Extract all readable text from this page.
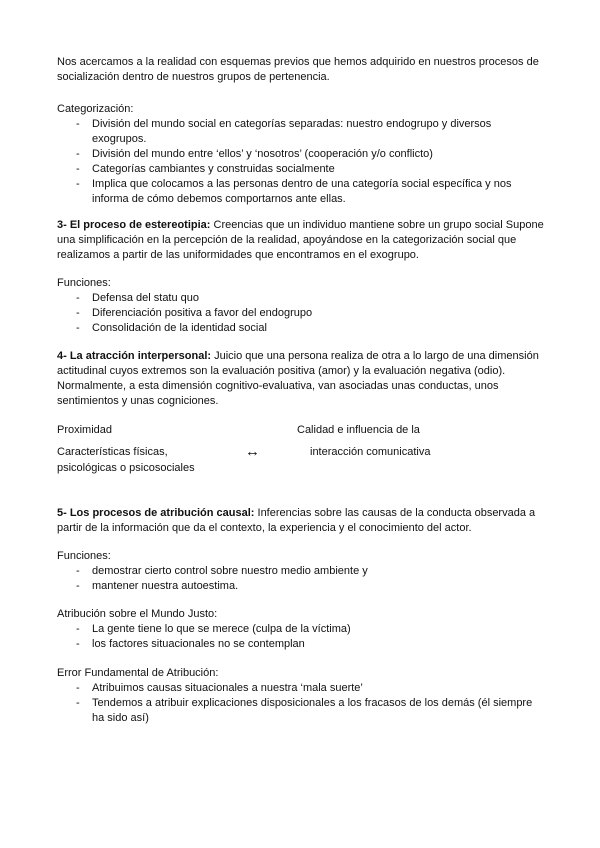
Nos acercamos a la realidad con esquemas previos que hemos adquirido en nuestros procesos de socialización dentro de nuestros grupos de pertenencia.

Categorización:

- División del mundo social en categorías separadas: nuestro endogrupo y diversos exogrupos.
- División del mundo entre ‘ellos’ y ‘nosotros’ (cooperación y/o conflicto)
- Categorías cambiantes y construidas socialmente
- Implica que colocamos a las personas dentro de una categoría social específica y nos informa de cómo debemos comportarnos ante ellas.

3- El proceso de estereotipia: Creencias que un individuo mantiene sobre un grupo social Supone una simplificación en la percepción de la realidad, apoyándose en la categorización social que realizamos a partir de las uniformidades que encontramos en el exogrupo.

Funciones:

- Defensa del statu quo
- Diferenciación positiva a favor del endogrupo
- Consolidación de la identidad social

4- La atracción interpersonal: Juicio que una persona realiza de otra a lo largo de una dimensión actitudinal cuyos extremos son la evaluación positiva (amor) y la evaluación negativa (odio). Normalmente, a esta dimensión cognitivo-evaluativa, van asociadas unas conductas, unos sentimientos y unas cogniciones.

Proximidad
Características físicas,
psicológicas o psicosociales
↔
Calidad e influencia de la
interacción comunicativa

5- Los procesos de atribución causal: Inferencias sobre las causas de la conducta observada a partir de la información que da el contexto, la experiencia y el conocimiento del actor.

Funciones:

- demostrar cierto control sobre nuestro medio ambiente y
- mantener nuestra autoestima.

Atribución sobre el Mundo Justo:

- La gente tiene lo que se merece (culpa de la víctima)
- los factores situacionales no se contemplan

Error Fundamental de Atribución:

- Atribuimos causas situacionales a nuestra ‘mala suerte’
- Tendemos a atribuir explicaciones disposicionales a los fracasos de los demás (él siempre ha sido así)
